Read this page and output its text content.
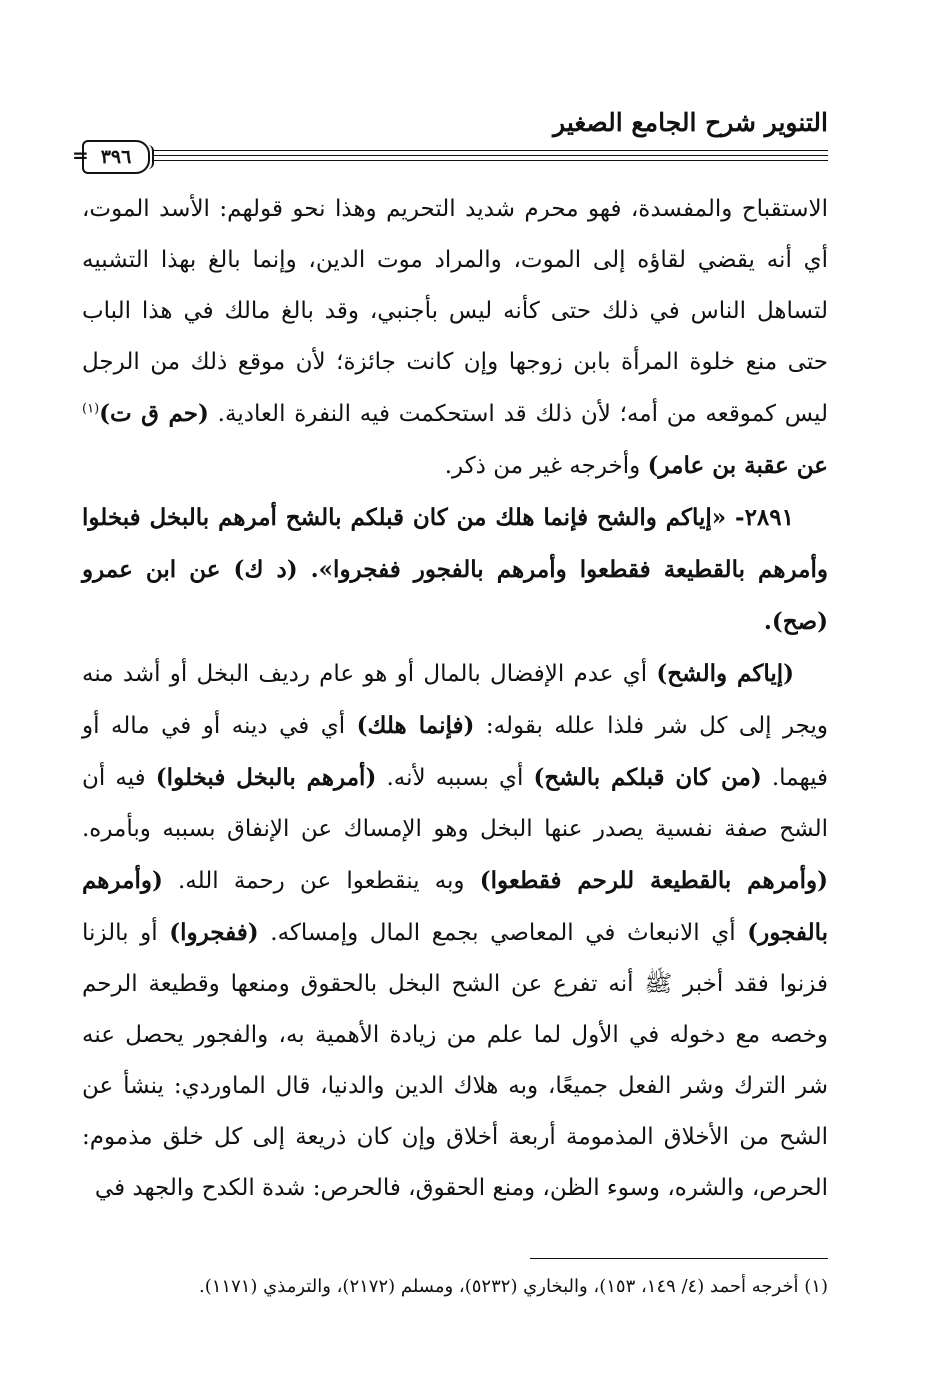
التنوير شرح الجامع الصغير
٣٩٦
=

الاستقباح والمفسدة، فهو محرم شديد التحريم وهذا نحو قولهم: الأسد الموت، أي أنه يقضي لقاؤه إلى الموت، والمراد موت الدين، وإنما بالغ بهذا التشبيه لتساهل الناس في ذلك حتى كأنه ليس بأجنبي، وقد بالغ مالك في هذا الباب حتى منع خلوة المرأة بابن زوجها وإن كانت جائزة؛ لأن موقع ذلك من الرجل ليس كموقعه من أمه؛ لأن ذلك قد استحكمت فيه النفرة العادية. (حم ق ت)$^{(١)}$ عن عقبة بن عامر) وأخرجه غير من ذكر.

٢٨٩١- «إياكم والشح فإنما هلك من كان قبلكم بالشح أمرهم بالبخل فبخلوا وأمرهم بالقطيعة فقطعوا وأمرهم بالفجور ففجروا». (د ك) عن ابن عمرو (صح).

(إياكم والشح) أي عدم الإفضال بالمال أو هو عام رديف البخل أو أشد منه ويجر إلى كل شر فلذا علله بقوله: (فإنما هلك) أي في دينه أو في ماله أو فيهما. (من كان قبلكم بالشح) أي بسببه لأنه. (أمرهم بالبخل فبخلوا) فيه أن الشح صفة نفسية يصدر عنها البخل وهو الإمساك عن الإنفاق بسببه وبأمره. (وأمرهم بالقطيعة للرحم فقطعوا) وبه ينقطعوا عن رحمة الله. (وأمرهم بالفجور) أي الانبعاث في المعاصي بجمع المال وإمساكه. (ففجروا) أو بالزنا فزنوا فقد أخبر ﷺ أنه تفرع عن الشح البخل بالحقوق ومنعها وقطيعة الرحم وخصه مع دخوله في الأول لما علم من زيادة الأهمية به، والفجور يحصل عنه شر الترك وشر الفعل جميعًا، وبه هلاك الدين والدنيا، قال الماوردي: ينشأ عن الشح من الأخلاق المذمومة أربعة أخلاق وإن كان ذريعة إلى كل خلق مذموم: الحرص، والشره، وسوء الظن، ومنع الحقوق، فالحرص: شدة الكدح والجهد في

(١) أخرجه أحمد (٤/ ١٤٩، ١٥٣)، والبخاري (٥٢٣٢)، ومسلم (٢١٧٢)، والترمذي (١١٧١).
